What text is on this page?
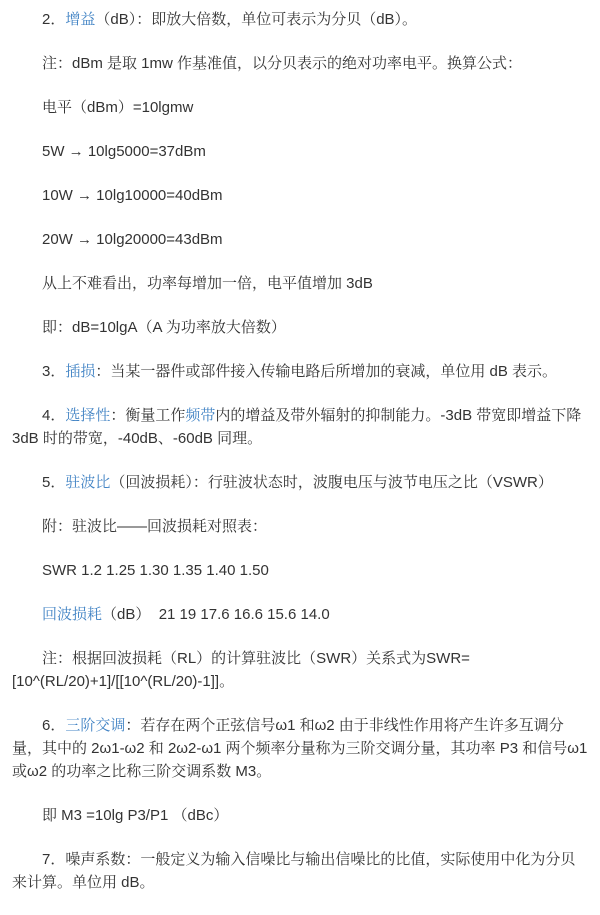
2．增益（dB）：即放大倍数，单位可表示为分贝（dB）。

注：dBm 是取 1mw 作基准值，以分贝表示的绝对功率电平。换算公式：

电平（dBm）=10lgmw

5W → 10lg5000=37dBm

10W → 10lg10000=40dBm

20W → 10lg20000=43dBm

从上不难看出，功率每增加一倍，电平值增加 3dB

即：dB=10lgA（A 为功率放大倍数）

3．插损：当某一器件或部件接入传输电路后所增加的衰减，单位用 dB 表示。

4．选择性：衡量工作频带内的增益及带外辐射的抑制能力。-3dB 带宽即增益下降 3dB 时的带宽，-40dB、-60dB 同理。

5．驻波比（回波损耗）：行驻波状态时，波腹电压与波节电压之比（VSWR）

附：驻波比——回波损耗对照表：

SWR 1.2 1.25 1.30 1.35 1.40 1.50

回波损耗（dB）  21 19 17.6 16.6 15.6 14.0

注：根据回波损耗（RL）的计算驻波比（SWR）关系式为SWR=[10^(RL/20)+1]/[[10^(RL/20)-1]]。

6．三阶交调：若存在两个正弦信号ω1 和ω2 由于非线性作用将产生许多互调分量，其中的 2ω1-ω2 和 2ω2-ω1 两个频率分量称为三阶交调分量，其功率 P3 和信号ω1 或ω2 的功率之比称三阶交调系数 M3。

即 M3 =10lg P3/P1 （dBc）

7．噪声系数：一般定义为输入信噪比与输出信噪比的比值，实际使用中化为分贝来计算。单位用 dB。
